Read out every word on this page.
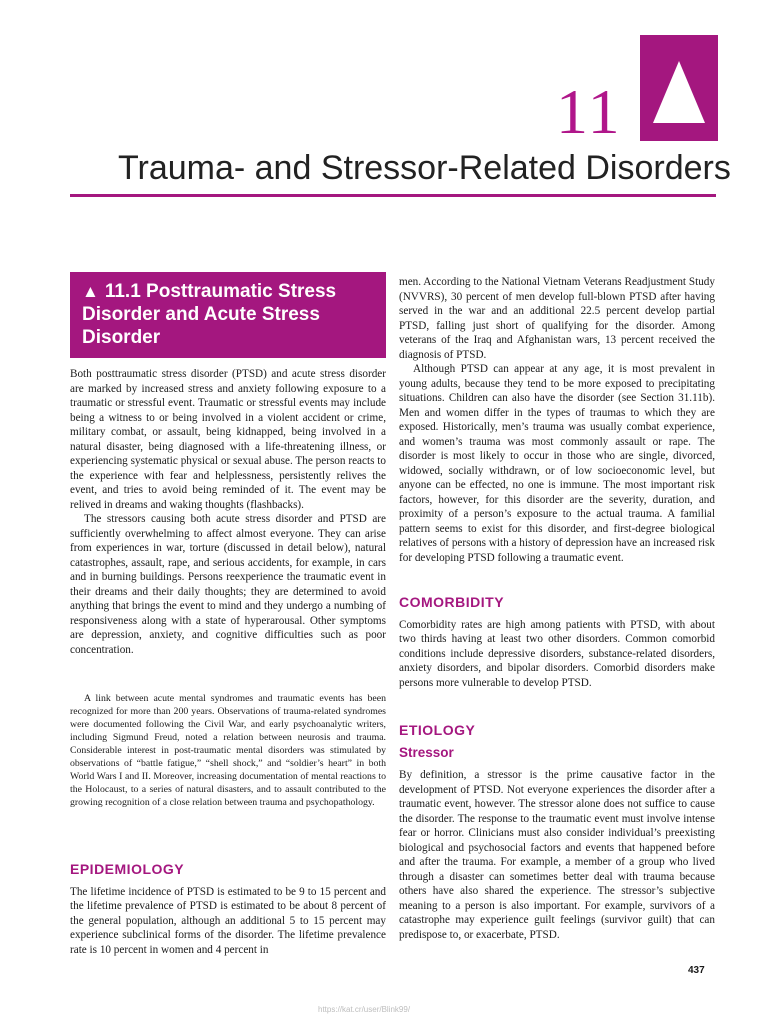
11
Trauma- and Stressor-Related Disorders
▲ 11.1 Posttraumatic Stress Disorder and Acute Stress Disorder

Both posttraumatic stress disorder (PTSD) and acute stress disorder are marked by increased stress and anxiety following exposure to a traumatic or stressful event. Traumatic or stressful events may include being a witness to or being involved in a violent accident or crime, military combat, or assault, being kidnapped, being involved in a natural disaster, being diagnosed with a life-threatening illness, or experiencing systematic physical or sexual abuse. The person reacts to the experience with fear and helplessness, persistently relives the event, and tries to avoid being reminded of it. The event may be relived in dreams and waking thoughts (flashbacks).

The stressors causing both acute stress disorder and PTSD are sufficiently overwhelming to affect almost everyone. They can arise from experiences in war, torture (discussed in detail below), natural catastrophes, assault, rape, and serious accidents, for example, in cars and in burning buildings. Persons reexperience the traumatic event in their dreams and their daily thoughts; they are determined to avoid anything that brings the event to mind and they undergo a numbing of responsiveness along with a state of hyperarousal. Other symptoms are depression, anxiety, and cognitive difficulties such as poor concentration.

A link between acute mental syndromes and traumatic events has been recognized for more than 200 years. Observations of trauma-related syndromes were documented following the Civil War, and early psychoanalytic writers, including Sigmund Freud, noted a relation between neurosis and trauma. Considerable interest in post-traumatic mental disorders was stimulated by observations of “battle fatigue,” “shell shock,” and “soldier’s heart” in both World Wars I and II. Moreover, increasing documentation of mental reactions to the Holocaust, to a series of natural disasters, and to assault contributed to the growing recognition of a close relation between trauma and psychopathology.

EPIDEMIOLOGY

The lifetime incidence of PTSD is estimated to be 9 to 15 percent and the lifetime prevalence of PTSD is estimated to be about 8 percent of the general population, although an additional 5 to 15 percent may experience subclinical forms of the disorder. The lifetime prevalence rate is 10 percent in women and 4 percent in

men. According to the National Vietnam Veterans Readjustment Study (NVVRS), 30 percent of men develop full-blown PTSD after having served in the war and an additional 22.5 percent develop partial PTSD, falling just short of qualifying for the disorder. Among veterans of the Iraq and Afghanistan wars, 13 percent received the diagnosis of PTSD.

Although PTSD can appear at any age, it is most prevalent in young adults, because they tend to be more exposed to precipitating situations. Children can also have the disorder (see Section 31.11b). Men and women differ in the types of traumas to which they are exposed. Historically, men’s trauma was usually combat experience, and women’s trauma was most commonly assault or rape. The disorder is most likely to occur in those who are single, divorced, widowed, socially withdrawn, or of low socioeconomic level, but anyone can be effected, no one is immune. The most important risk factors, however, for this disorder are the severity, duration, and proximity of a person’s exposure to the actual trauma. A familial pattern seems to exist for this disorder, and first-degree biological relatives of persons with a history of depression have an increased risk for developing PTSD following a traumatic event.

COMORBIDITY

Comorbidity rates are high among patients with PTSD, with about two thirds having at least two other disorders. Common comorbid conditions include depressive disorders, substance-related disorders, anxiety disorders, and bipolar disorders. Comorbid disorders make persons more vulnerable to develop PTSD.

ETIOLOGY
Stressor

By definition, a stressor is the prime causative factor in the development of PTSD. Not everyone experiences the disorder after a traumatic event, however. The stressor alone does not suffice to cause the disorder. The response to the traumatic event must involve intense fear or horror. Clinicians must also consider individual’s preexisting biological and psychosocial factors and events that happened before and after the trauma. For example, a member of a group who lived through a disaster can sometimes better deal with trauma because others have also shared the experience. The stressor’s subjective meaning to a person is also important. For example, survivors of a catastrophe may experience guilt feelings (survivor guilt) that can predispose to, or exacerbate, PTSD.

437
https://kat.cr/user/Blink99/
